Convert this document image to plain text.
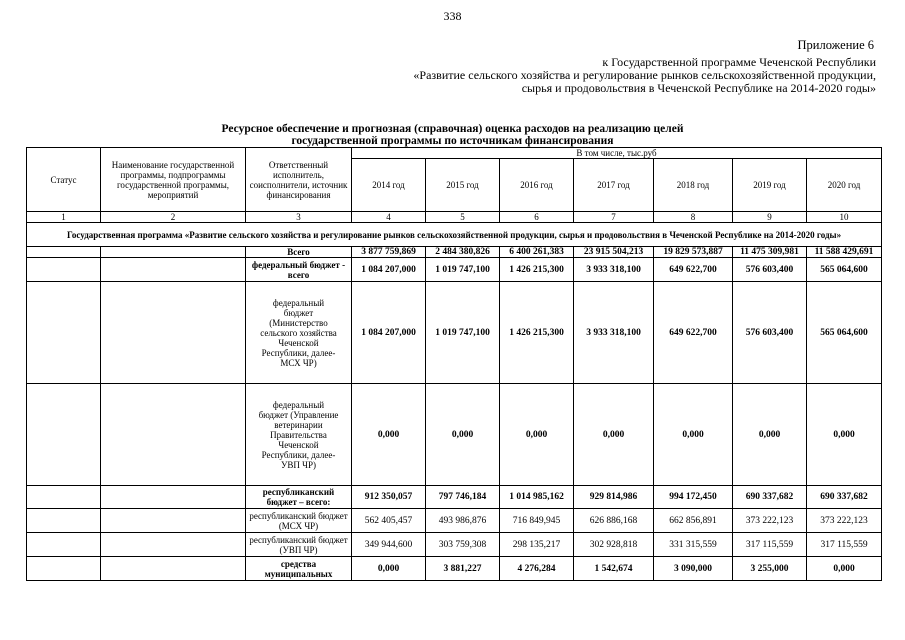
338
Приложение 6
к Государственной программе Чеченской Республики
«Развитие сельского хозяйства и регулирование рынков сельскохозяйственной продукции,
сырья и продовольствия в Чеченской Республике на 2014-2020 годы»
Ресурсное обеспечение и прогнозная (справочная) оценка расходов на реализацию целей
государственной программы по источникам финансирования
Статус	Наименование государственной программы, подпрограммы государственной программы, мероприятий	Ответственный исполнитель, соисполнители, источник финансирования	В том числе, тыс.руб						
			2014 год	2015 год	2016 год	2017 год	2018 год	2019 год	2020 год
1	2	3	4	5	6	7	8	9	10
Государственная программа «Развитие сельского хозяйства и регулирование рынков сельскохозяйственной продукции, сырья и продовольствия в Чеченской Республике на 2014-2020 годы»									
		Всего	3 877 759,869	2 484 380,826	6 400 261,383	23 915 504,213	19 829 573,887	11 475 309,981	11 588 429,691
		федеральный бюджет - всего	1 084 207,000	1 019 747,100	1 426 215,300	3 933 318,100	649 622,700	576 603,400	565 064,600
		федеральный бюджет (Министерство сельского хозяйства Чеченской Республики, далее-МСХ ЧР)	1 084 207,000	1 019 747,100	1 426 215,300	3 933 318,100	649 622,700	576 603,400	565 064,600
		федеральный бюджет (Управление ветеринарии Правительства Чеченской Республики, далее-УВП ЧР)	0,000	0,000	0,000	0,000	0,000	0,000	0,000
		республиканский бюджет – всего:	912 350,057	797 746,184	1 014 985,162	929 814,986	994 172,450	690 337,682	690 337,682
		республиканский бюджет (МСХ ЧР)	562 405,457	493 986,876	716 849,945	626 886,168	662 856,891	373 222,123	373 222,123
		республиканский бюджет (УВП ЧР)	349 944,600	303 759,308	298 135,217	302 928,818	331 315,559	317 115,559	317 115,559
		средства муниципальных	0,000	3 881,227	4 276,284	1 542,674	3 090,000	3 255,000	0,000
